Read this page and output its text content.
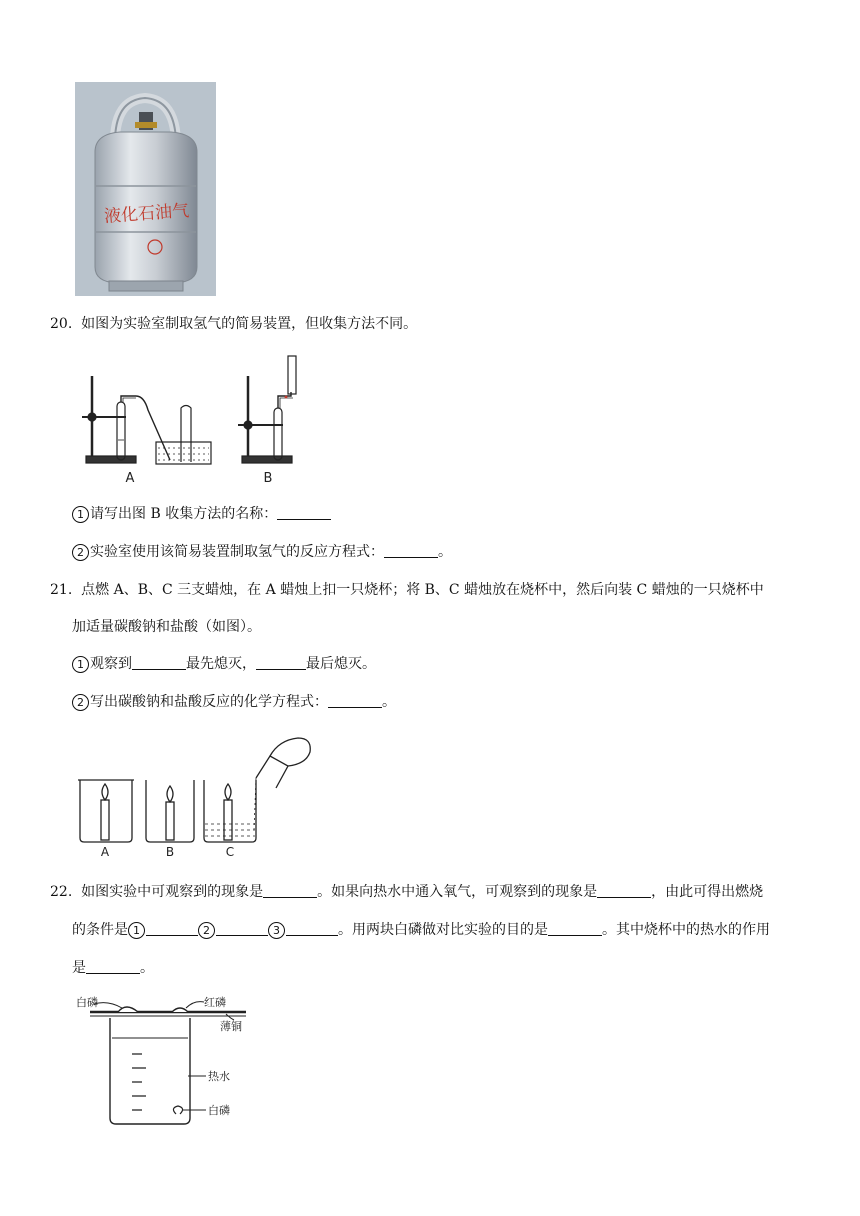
液化石油气
20. 如图为实验室制取氢气的简易装置，但收集方法不同。
A	B
1 请写出图 B 收集方法的名称：
2 实验室使用该简易装置制取氢气的反应方程式：	。
21. 点燃 A、B、C 三支蜡烛，在 A 蜡烛上扣一只烧杯；将 B、C 蜡烛放在烧杯中，然后向装 C 蜡烛的一只烧杯中
加适量碳酸钠和盐酸（如图）。
1 观察到	最先熄灭，	最后熄灭。
2 写出碳酸钠和盐酸反应的化学方程式：	。
A	B	C
22. 如图实验中可观察到的现象是	。如果向热水中通入氧气，可观察到的现象是	，由此可得出燃烧
的条件是 1	2	3	。用两块白磷做对比实验的目的是	。其中烧杯中的热水的作用
是	。
白磷	红磷
薄铜
热水
白磷
